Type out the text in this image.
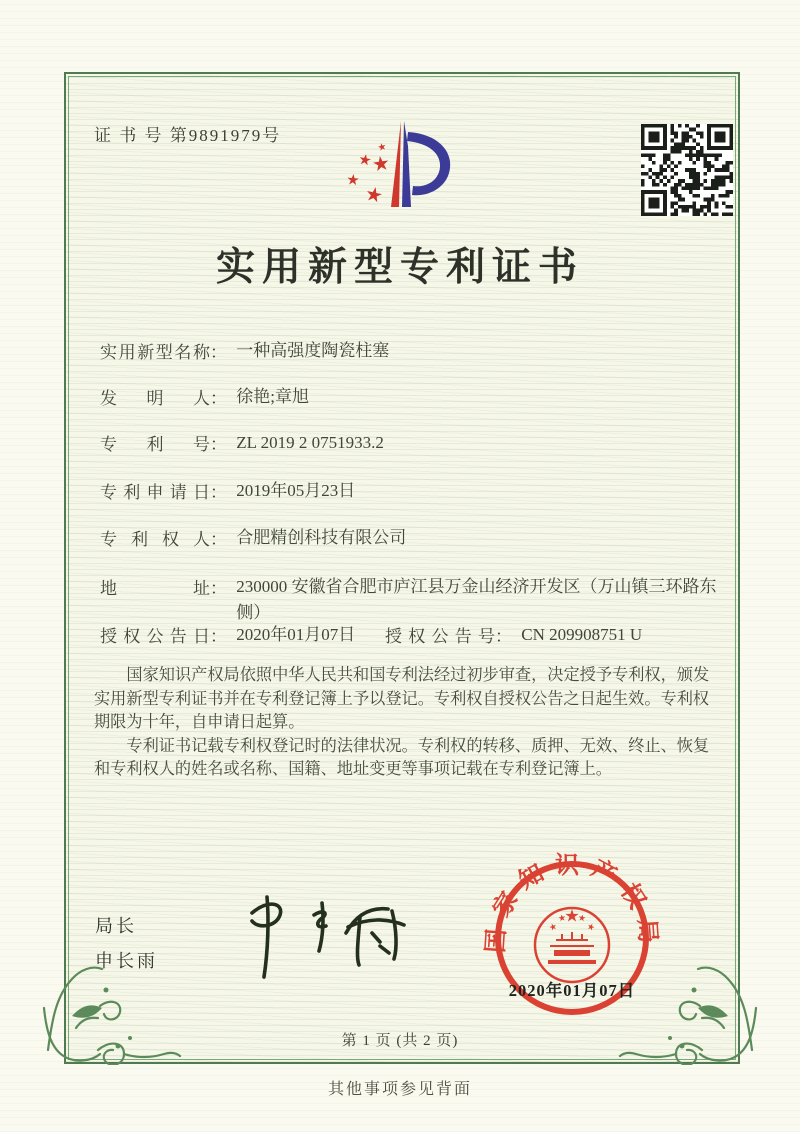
证 书 号 第9891979号
实用新型专利证书
实用新型名称： 一种高强度陶瓷柱塞
发明人： 徐艳;章旭
专利号： ZL 2019 2 0751933.2
专利申请日： 2019年05月23日
专利权人： 合肥精创科技有限公司
地址： 230000 安徽省合肥市庐江县万金山经济开发区（万山镇三环路东侧）
授权公告日： 2020年01月07日 授权公告号： CN 209908751 U

国家知识产权局依照中华人民共和国专利法经过初步审查，决定授予专利权，颁发实用新型专利证书并在专利登记簿上予以登记。专利权自授权公告之日起生效。专利权期限为十年，自申请日起算。

专利证书记载专利权登记时的法律状况。专利权的转移、质押、无效、终止、恢复和专利权人的姓名或名称、国籍、地址变更等事项记载在专利登记簿上。

局长
申长雨
国家知识产权局
2020年01月07日
第 1 页 (共 2 页)
其他事项参见背面
